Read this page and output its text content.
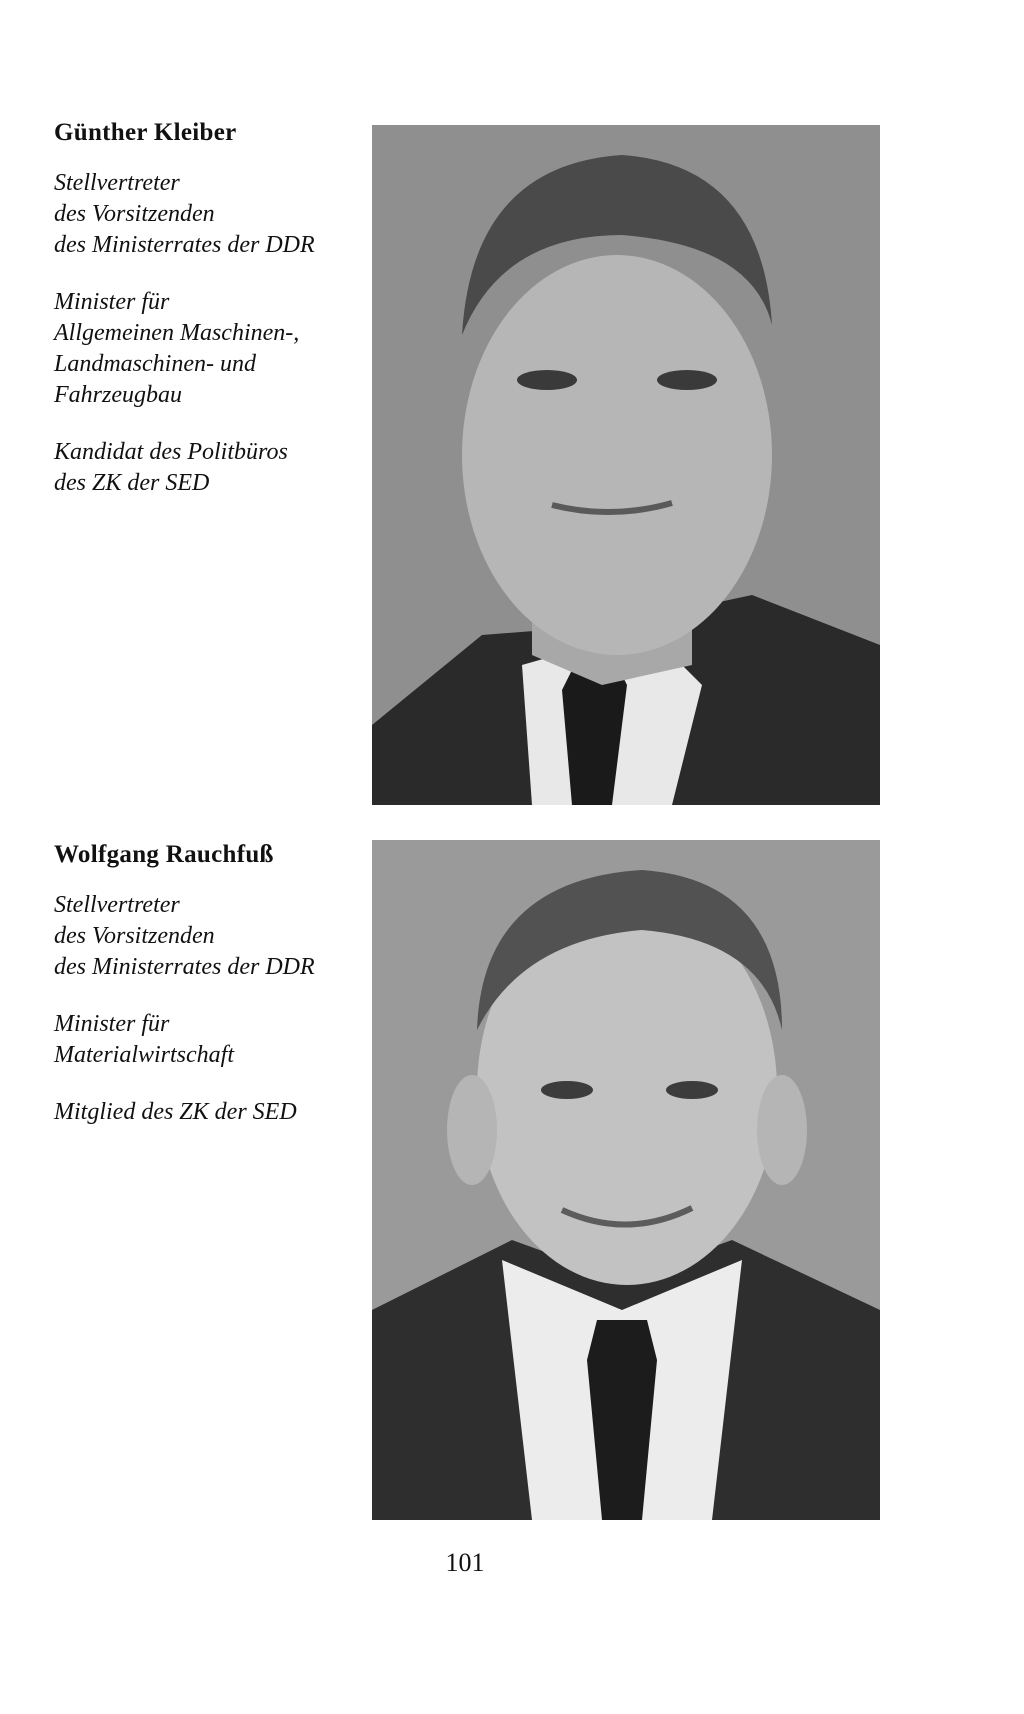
Günther Kleiber
Stellvertreter
des Vorsitzenden
des Ministerrates der DDR
Minister für
Allgemeinen Maschinen-,
Landmaschinen- und
Fahrzeugbau
Kandidat des Politbüros
des ZK der SED
Wolfgang Rauchfuß
Stellvertreter
des Vorsitzenden
des Ministerrates der DDR
Minister für
Materialwirtschaft
Mitglied des ZK der SED
101
